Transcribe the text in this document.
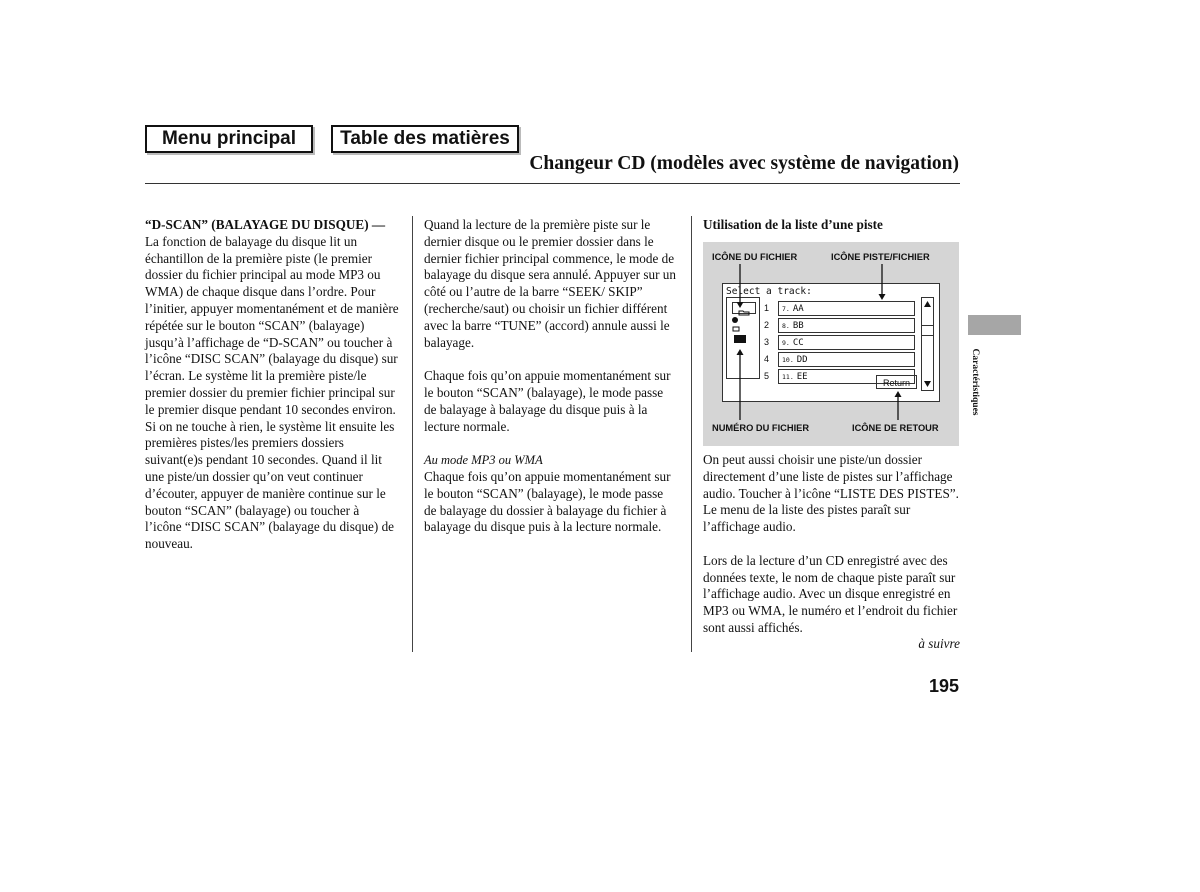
Menu principal	Table des matières
Changeur CD (modèles avec système de navigation)

“D-SCAN” (BALAYAGE DU DISQUE) —

La fonction de balayage du disque lit un échantillon de la première piste (le premier dossier du fichier principal au mode MP3 ou WMA) de chaque disque dans l’ordre. Pour l’initier, appuyer momentanément et de manière répétée sur le bouton “SCAN” (balayage) jusqu’à l’affichage de “D-SCAN” ou toucher à l’icône “DISC SCAN” (balayage du disque) sur l’écran. Le système lit la première piste/le premier dossier du premier fichier principal sur le premier disque pendant 10 secondes environ. Si on ne touche à rien, le système lit ensuite les premières pistes/les premiers dossiers suivant(e)s pendant 10 secondes. Quand il lit une piste/un dossier qu’on veut continuer d’écouter, appuyer de manière continue sur le bouton “SCAN” (balayage) ou toucher à l’icône “DISC SCAN” (balayage du disque) de nouveau.

Quand la lecture de la première piste sur le dernier disque ou le premier dossier dans le dernier fichier principal commence, le mode de balayage du disque sera annulé. Appuyer sur un côté ou l’autre de la barre “SEEK/ SKIP” (recherche/saut) ou choisir un fichier différent avec la barre “TUNE” (accord) annule aussi le balayage.

Chaque fois qu’on appuie momentanément sur le bouton “SCAN” (balayage), le mode passe de balayage à balayage du disque puis à la lecture normale.

Au mode MP3 ou WMA

Chaque fois qu’on appuie momentanément sur le bouton “SCAN” (balayage), le mode passe de balayage du dossier à balayage du fichier à balayage du disque puis à la lecture normale.

Utilisation de la liste d’une piste

ICÔNE DU FICHIER	ICÔNE PISTE/FICHIER
NUMÉRO DU FICHIER	ICÔNE DE RETOUR
Select a track:
1
2
3
4
5
7. AA
8. BB
9. CC
10. DD
11. EE
Return

On peut aussi choisir une piste/un dossier directement d’une liste de pistes sur l’affichage audio. Toucher à l’icône “LISTE DES PISTES”. Le menu de la liste des pistes paraît sur l’affichage audio.

Lors de la lecture d’un CD enregistré avec des données texte, le nom de chaque piste paraît sur l’affichage audio. Avec un disque enregistré en MP3 ou WMA, le numéro et l’endroit du fichier sont aussi affichés.

à suivre
Caractéristiques
195
